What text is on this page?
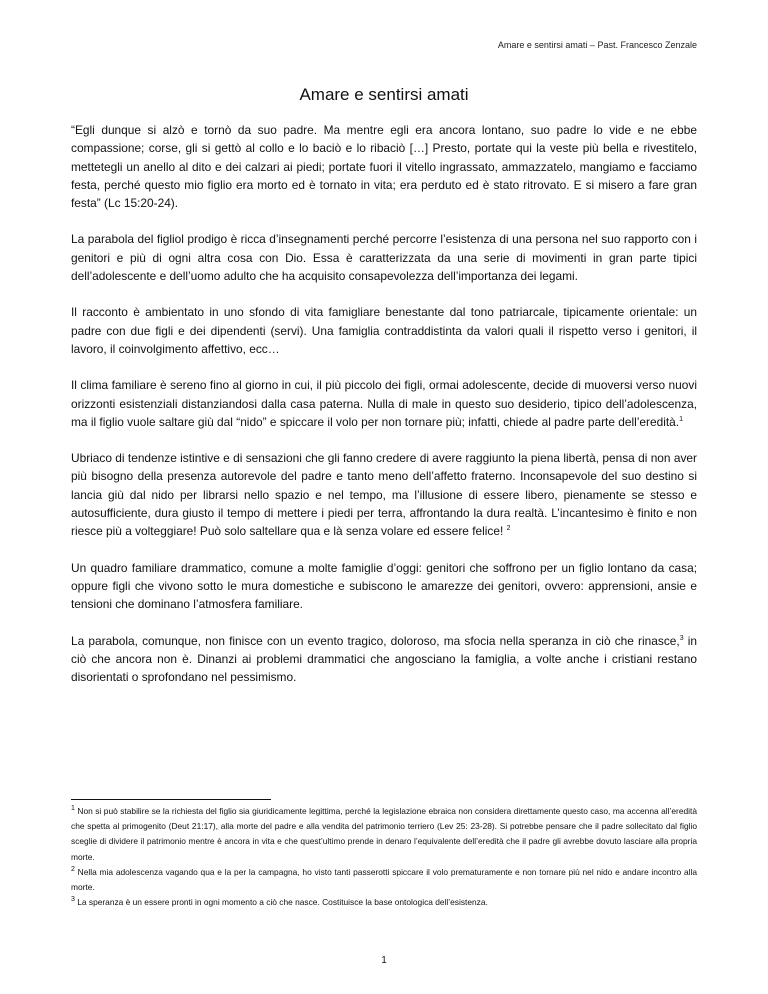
Amare e sentirsi amati – Past. Francesco Zenzale
Amare e sentirsi amati

“Egli dunque si alzò e tornò da suo padre. Ma mentre egli era ancora lontano, suo padre lo vide e ne ebbe compassione; corse, gli si gettò al collo e lo baciò e lo ribaciò […] Presto, portate qui la veste più bella e rivestitelo, mettetegli un anello al dito e dei calzari ai piedi; portate fuori il vitello ingrassato, ammazzatelo, mangiamo e facciamo festa, perché questo mio figlio era morto ed è tornato in vita; era perduto ed è stato ritrovato. E si misero a fare gran festa” (Lc 15:20-24).

La parabola del figliol prodigo è ricca d’insegnamenti perché percorre l’esistenza di una persona nel suo rapporto con i genitori e più di ogni altra cosa con Dio. Essa è caratterizzata da una serie di movimenti in gran parte tipici dell’adolescente e dell’uomo adulto che ha acquisito consapevolezza dell’importanza dei legami.

Il racconto è ambientato in uno sfondo di vita famigliare benestante dal tono patriarcale, tipicamente orientale: un padre con due figli e dei dipendenti (servi). Una famiglia contraddistinta da valori quali il rispetto verso i genitori, il lavoro, il coinvolgimento affettivo, ecc…

Il clima familiare è sereno fino al giorno in cui, il più piccolo dei figli, ormai adolescente, decide di muoversi verso nuovi orizzonti esistenziali distanziandosi dalla casa paterna. Nulla di male in questo suo desiderio, tipico dell’adolescenza, ma il figlio vuole saltare giù dal “nido” e spiccare il volo per non tornare più; infatti, chiede al padre parte dell’eredità.$^1$

Ubriaco di tendenze istintive e di sensazioni che gli fanno credere di avere raggiunto la piena libertà, pensa di non aver più bisogno della presenza autorevole del padre e tanto meno dell’affetto fraterno. Inconsapevole del suo destino si lancia giù dal nido per librarsi nello spazio e nel tempo, ma l’illusione di essere libero, pienamente se stesso e autosufficiente, dura giusto il tempo di mettere i piedi per terra, affrontando la dura realtà. L’incantesimo è finito e non riesce più a volteggiare! Può solo saltellare qua e là senza volare ed essere felice! $^2$

Un quadro familiare drammatico, comune a molte famiglie d’oggi: genitori che soffrono per un figlio lontano da casa; oppure figli che vivono sotto le mura domestiche e subiscono le amarezze dei genitori, ovvero: apprensioni, ansie e tensioni che dominano l’atmosfera familiare.

La parabola, comunque, non finisce con un evento tragico, doloroso, ma sfocia nella speranza in ciò che rinasce,$^3$ in ciò che ancora non è. Dinanzi ai problemi drammatici che angosciano la famiglia, a volte anche i cristiani restano disorientati o sprofondano nel pessimismo.

$^1$ Non si può stabilire se la richiesta del figlio sia giuridicamente legittima, perché la legislazione ebraica non considera direttamente questo caso, ma accenna all’eredità che spetta al primogenito (Deut 21:17), alla morte del padre e alla vendita del patrimonio terriero (Lev 25: 23-28). Si potrebbe pensare che il padre sollecitato dal figlio sceglie di dividere il patrimonio mentre è ancora in vita e che quest’ultimo prende in denaro l’equivalente dell’eredità che il padre gli avrebbe dovuto lasciare alla propria morte.

$^2$ Nella mia adolescenza vagando qua e la per la campagna, ho visto tanti passerotti spiccare il volo prematuramente e non tornare più nel nido e andare incontro alla morte.

$^3$ La speranza è un essere pronti in ogni momento a ciò che nasce. Costituisce la base ontologica dell’esistenza.

1
